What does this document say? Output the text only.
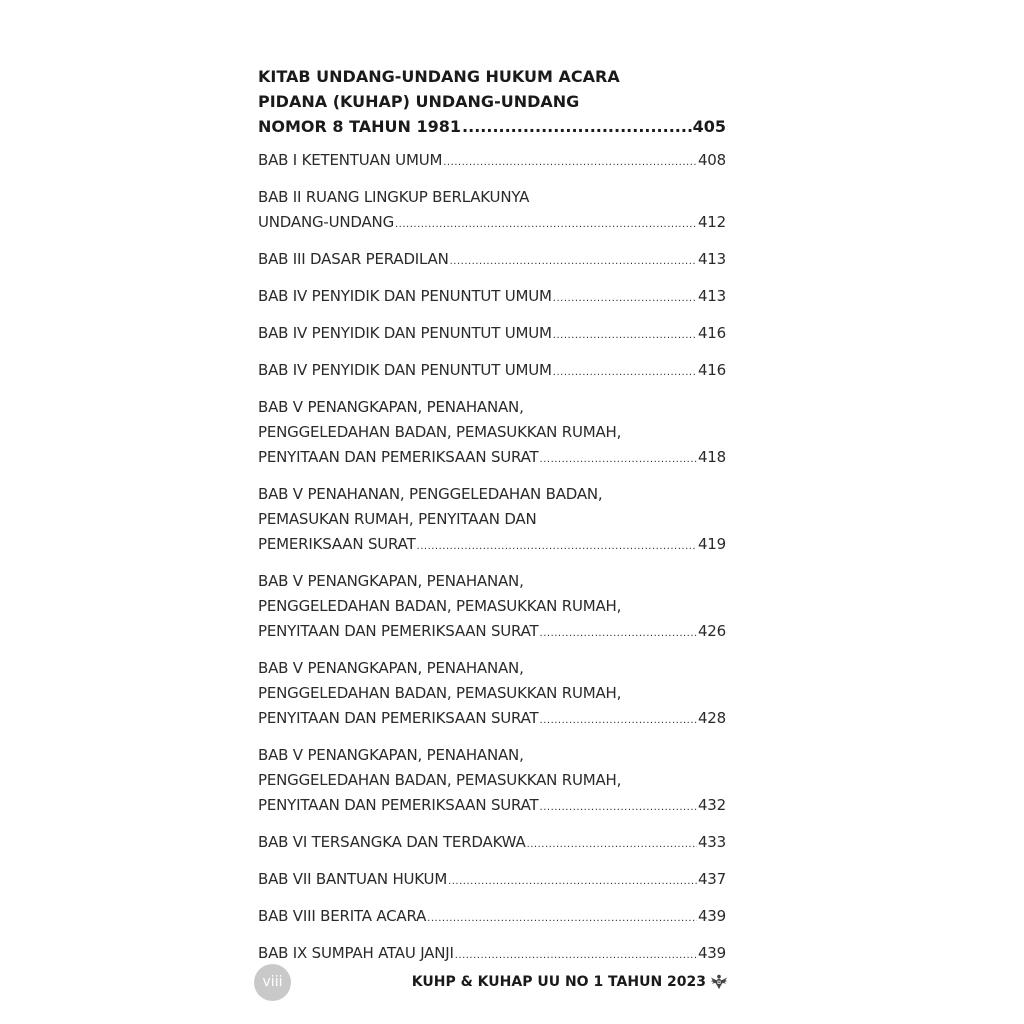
KITAB UNDANG-UNDANG HUKUM ACARA
PIDANA (KUHAP) UNDANG-UNDANG
NOMOR 8 TAHUN 1981 .....	405
BAB I KETENTUAN UMUM .....	408
BAB II RUANG LINGKUP BERLAKUNYA
UNDANG-UNDANG .....	412
BAB III DASAR PERADILAN .....	413
BAB IV PENYIDIK DAN PENUNTUT UMUM .....	413
BAB IV PENYIDIK DAN PENUNTUT UMUM .....	416
BAB IV PENYIDIK DAN PENUNTUT UMUM .....	416
BAB V PENANGKAPAN, PENAHANAN,
PENGGELEDAHAN BADAN, PEMASUKKAN RUMAH,
PENYITAAN DAN PEMERIKSAAN SURAT .....	418
BAB V PENAHANAN, PENGGELEDAHAN BADAN,
PEMASUKAN RUMAH, PENYITAAN DAN
PEMERIKSAAN SURAT .....	419
BAB V PENANGKAPAN, PENAHANAN,
PENGGELEDAHAN BADAN, PEMASUKKAN RUMAH,
PENYITAAN DAN PEMERIKSAAN SURAT .....	426
BAB V PENANGKAPAN, PENAHANAN,
PENGGELEDAHAN BADAN, PEMASUKKAN RUMAH,
PENYITAAN DAN PEMERIKSAAN SURAT .....	428
BAB V PENANGKAPAN, PENAHANAN,
PENGGELEDAHAN BADAN, PEMASUKKAN RUMAH,
PENYITAAN DAN PEMERIKSAAN SURAT .....	432
BAB VI TERSANGKA DAN TERDAKWA .....	433
BAB VII BANTUAN HUKUM .....	437
BAB VIII BERITA ACARA .....	439
BAB IX SUMPAH ATAU JANJI .....	439
viii	KUHP & KUHAP UU NO 1 TAHUN 2023
